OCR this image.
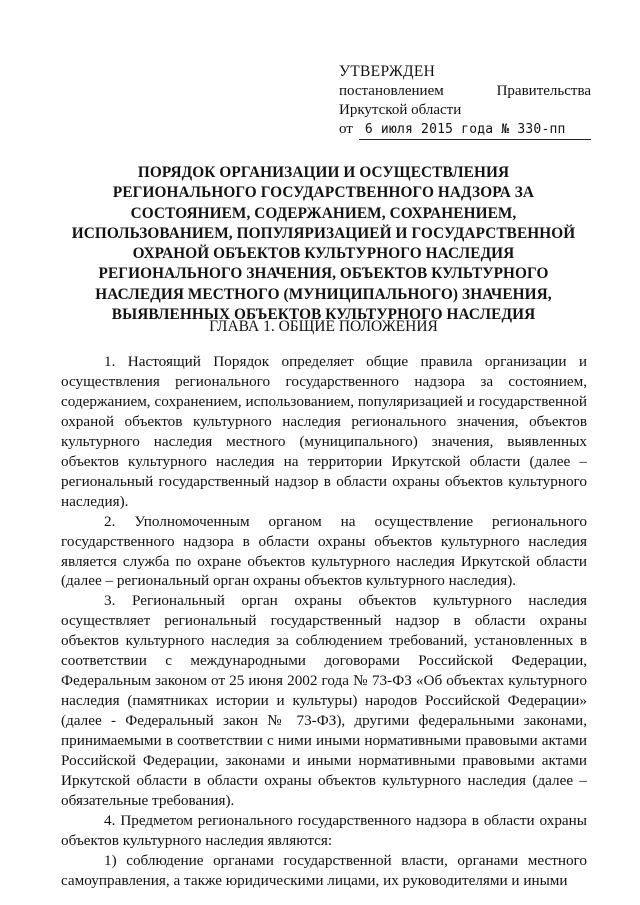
УТВЕРЖДЕН
постановлением	Правительства
Иркутской области
от 6 июля 2015 года № 330-пп
ПОРЯДОК ОРГАНИЗАЦИИ И ОСУЩЕСТВЛЕНИЯ
РЕГИОНАЛЬНОГО ГОСУДАРСТВЕННОГО НАДЗОРА ЗА
СОСТОЯНИЕМ, СОДЕРЖАНИЕМ, СОХРАНЕНИЕМ,
ИСПОЛЬЗОВАНИЕМ, ПОПУЛЯРИЗАЦИЕЙ И ГОСУДАРСТВЕННОЙ
ОХРАНОЙ ОБЪЕКТОВ КУЛЬТУРНОГО НАСЛЕДИЯ
РЕГИОНАЛЬНОГО ЗНАЧЕНИЯ, ОБЪЕКТОВ КУЛЬТУРНОГО
НАСЛЕДИЯ МЕСТНОГО (МУНИЦИПАЛЬНОГО) ЗНАЧЕНИЯ,
ВЫЯВЛЕННЫХ ОБЪЕКТОВ КУЛЬТУРНОГО НАСЛЕДИЯ
ГЛАВА 1. ОБЩИЕ ПОЛОЖЕНИЯ

1. Настоящий Порядок определяет общие правила организации и осуществления регионального государственного надзора за состоянием, содержанием, сохранением, использованием, популяризацией и государственной охраной объектов культурного наследия регионального значения, объектов культурного наследия местного (муниципального) значения, выявленных объектов культурного наследия на территории Иркутской области (далее – региональный государственный надзор в области охраны объектов культурного наследия).

2. Уполномоченным органом на осуществление регионального государственного надзора в области охраны объектов культурного наследия является служба по охране объектов культурного наследия Иркутской области (далее – региональный орган охраны объектов культурного наследия).

3. Региональный орган охраны объектов культурного наследия осуществляет региональный государственный надзор в области охраны объектов культурного наследия за соблюдением требований, установленных в соответствии с международными договорами Российской Федерации, Федеральным законом от 25 июня 2002 года № 73-ФЗ «Об объектах культурного наследия (памятниках истории и культуры) народов Российской Федерации» (далее - Федеральный закон № 73-ФЗ), другими федеральными законами, принимаемыми в соответствии с ними иными нормативными правовыми актами Российской Федерации, законами и иными нормативными правовыми актами Иркутской области в области охраны объектов культурного наследия (далее – обязательные требования).

4. Предметом регионального государственного надзора в области охраны объектов культурного наследия являются:

1) соблюдение органами государственной власти, органами местного самоуправления, а также юридическими лицами, их руководителями и иными
